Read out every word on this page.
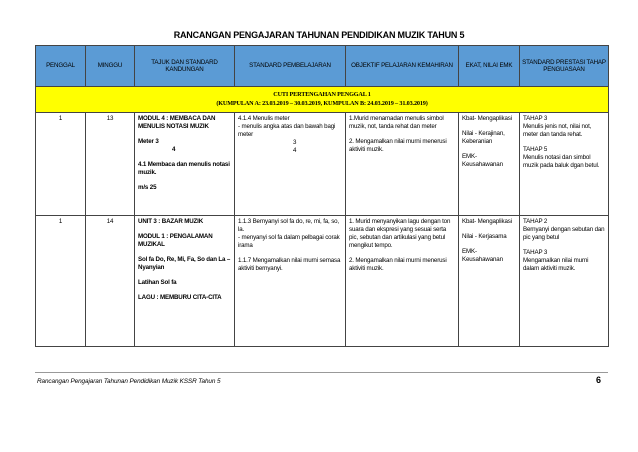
RANCANGAN PENGAJARAN TAHUNAN PENDIDIKAN MUZIK TAHUN 5
PENGGAL	MINGGU	TAJUK DAN STANDARD KANDUNGAN	STANDARD PEMBELAJARAN	OBJEKTIF PELAJARAN KEMAHIRAN	EKAT, NILAI EMK	STANDARD PRESTASI TAHAP PENGUASAAN

CUTI PERTENGAHAN PENGGAL 1
(KUMPULAN A: 23.03.2019 – 30.03.2019, KUMPULAN B: 24.03.2019 – 31.03.2019)						

1	13	MODUL 4 : MEMBACA DAN MENULIS NOTASI MUZIK
Meter 3
4
4.1 Membaca dan menulis notasi muzik.
m/s 25	4.1.4 Menulis meter
- menulis angka atas dan bawah bagi meter
3
4	1.Murid menamadan menulis simbol muzik, not, tanda rehat dan meter
2. Mengamalkan nilai murni menerusi aktiviti muzik.	Kbat- Mengaplikasi
Nilai - Kerajinan, Keberanian
EMK- Keusahawanan	TAHAP 3
Menulis jenis not, nilai not, meter dan tanda rehat.
TAHAP 5
Menulis notasi dan simbol muzik pada baluk dgan betul.

1	14	UNIT 3 : BAZAR MUZIK
MODUL 1 : PENGALAMAN MUZIKAL
Sol fa Do, Re, Mi, Fa, So dan La – Nyanyian
Latihan Sol fa
LAGU : MEMBURU CITA-CITA	1.1.3 Bernyanyi sol fa do, re, mi, fa, so, la.
- menyanyi sol fa dalam pelbagai corak irama
1.1.7 Mengamalkan nilai murni semasa aktiviti bernyanyi.	1. Murid menyanyikan lagu dengan ton suara dan ekspresi yang sesuai serta pic, sebutan dan artikulasi yang betul mengikut tempo.
2. Mengamalkan nilai murni menerusi aktiviti muzik.	Kbat- Mengaplikasi
Nilai - Kerjasama
EMK- Keusahawanan	TAHAP 2
Bernyanyi dengan sebutan dan pic yang betul
TAHAP 3
Mengamalkan nilai murni dalam aktiviti muzik.
Rancangan Pengajaran Tahunan Pendidikan Muzik KSSR Tahun 5	6
